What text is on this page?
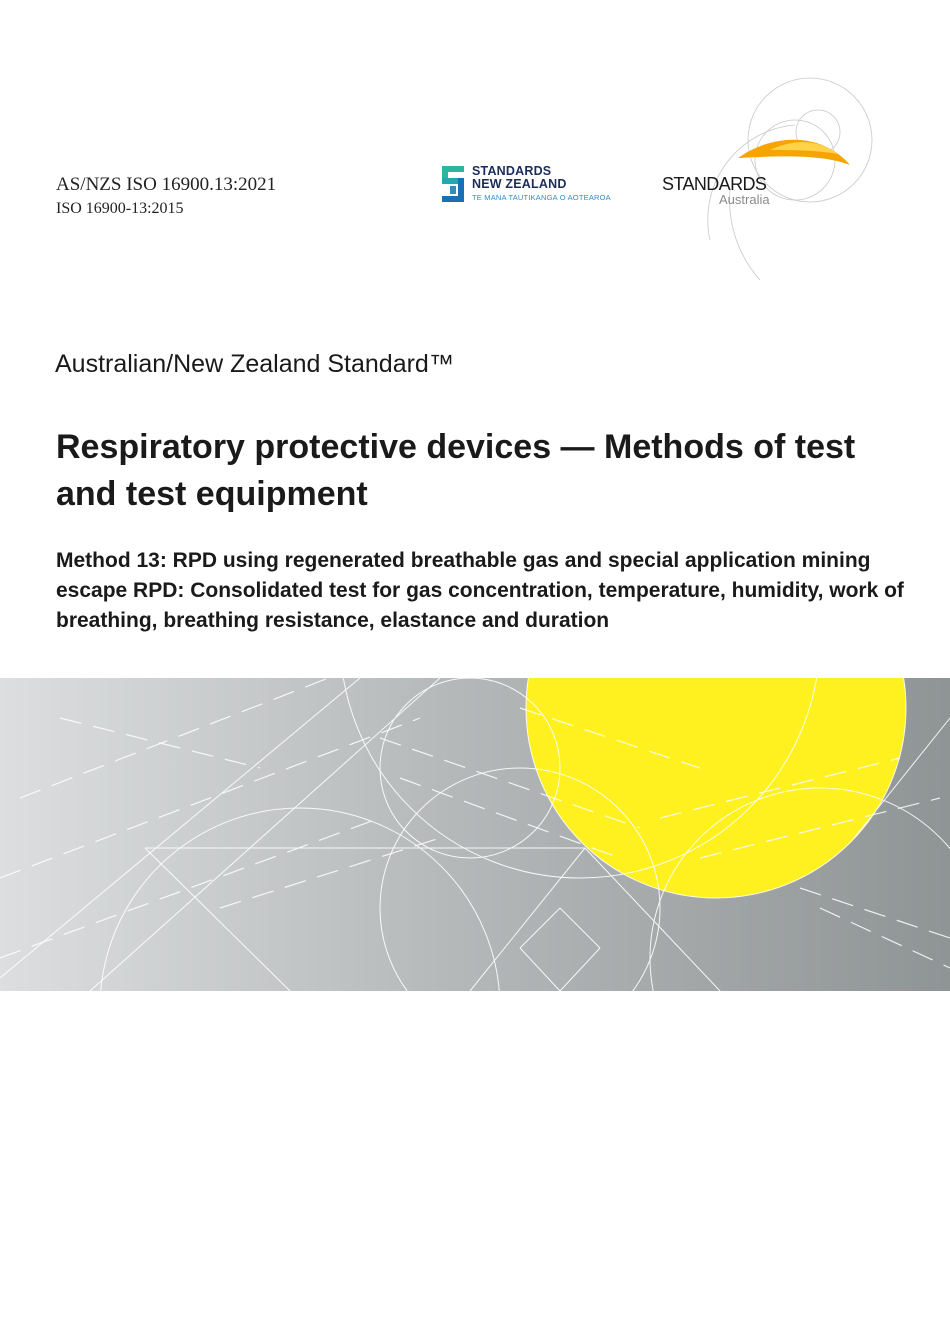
AS/NZS ISO 16900.13:2021
ISO 16900-13:2015
STANDARDS
NEW ZEALAND
TE MANA TAUTIKANGA O AOTEAROA
STANDARDS
Australia
Australian/New Zealand Standard™
Respiratory protective devices — Methods of test and test equipment
Method 13: RPD using regenerated breathable gas and special application mining escape RPD: Consolidated test for gas concentration, temperature, humidity, work of breathing, breathing resistance, elastance and duration
